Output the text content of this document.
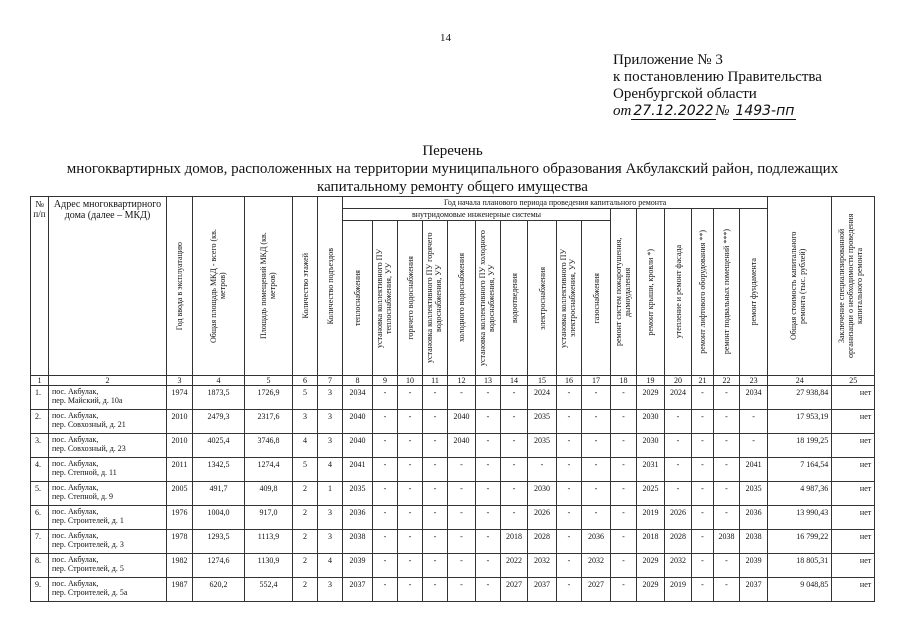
14
Приложение № 3
к постановлению Правительства
Оренбургской области
от 27.12.2022 № 1493-пп
Перечень
многоквартирных домов, расположенных на территории муниципального образования Акбулакский район, подлежащих
капитальному ремонту общего имущества
№ п/п	Адрес многоквартирного дома (далее – МКД)	Год ввода в эксплуатацию	Общая площадь МКД - всего (кв. метров)	Площадь помещений МКД (кв. метров)	Количество этажей	Количество подъездов	Год начала планового периода проведения капитального ремонта																Общая стоимость капитального ремонта (тыс. рублей)	Заключение специализированной организации о необходимости проведения капитального ремонта

							внутридомовые инженерные системы										ремонт систем пожаротушения, дымоудаления	ремонт крыши, кровли *)	утепление и ремонт фасада	ремонт лифтового оборудования **)	ремонт подвальных помещений ***)	ремонт фундамента		

							теплоснабжения	установка коллективного ПУ теплоснабжения, УУ	горячего водоснабжения	установка коллективного ПУ горячего водоснабжения, УУ	холодного водоснабжения	установка коллективного ПУ холодного водоснабжения, УУ	водоотведения	электроснабжения	установка коллективного ПУ электроснабжения, УУ	газоснабжения								

1	2	3	4	5	6	7	8	9	10	11	12	13	14	15	16	17	18	19	20	21	22	23	24	25
1.	пос. Акбулак,
пер. Майский, д. 10а	1974	1873,5	1726,9	5	3	2034	-	-	-	-	-	-	2024	-	-	-	2029	2024	-	-	2034	27 938,84	нет
2.	пос. Акбулак,
пер. Совхозный, д. 21	2010	2479,3	2317,6	3	3	2040	-	-	-	2040	-	-	2035	-	-	-	2030	-	-	-	-	17 953,19	нет
3.	пос. Акбулак,
пер. Совхозный, д. 23	2010	4025,4	3746,8	4	3	2040	-	-	-	2040	-	-	2035	-	-	-	2030	-	-	-	-	18 199,25	нет
4.	пос. Акбулак,
пер. Степной, д. 11	2011	1342,5	1274,4	5	4	2041	-	-	-	-	-	-	-	-	-	-	2031	-	-	-	2041	7 164,54	нет
5.	пос. Акбулак,
пер. Степной, д. 9	2005	491,7	409,8	2	1	2035	-	-	-	-	-	-	2030	-	-	-	2025	-	-	-	2035	4 987,36	нет
6.	пос. Акбулак,
пер. Строителей, д. 1	1976	1004,0	917,0	2	3	2036	-	-	-	-	-	-	2026	-	-	-	2019	2026	-	-	2036	13 990,43	нет
7.	пос. Акбулак,
пер. Строителей, д. 3	1978	1293,5	1113,9	2	3	2038	-	-	-	-	-	2018	2028	-	2036	-	2018	2028	-	2038	2038	16 799,22	нет
8.	пос. Акбулак,
пер. Строителей, д. 5	1982	1274,6	1130,9	2	4	2039	-	-	-	-	-	2022	2032	-	2032	-	2029	2032	-	-	2039	18 805,31	нет
9.	пос. Акбулак,
пер. Строителей, д. 5а	1987	620,2	552,4	2	3	2037	-	-	-	-	-	2027	2037	-	2027	-	2029	2019	-	-	2037	9 048,85	нет
